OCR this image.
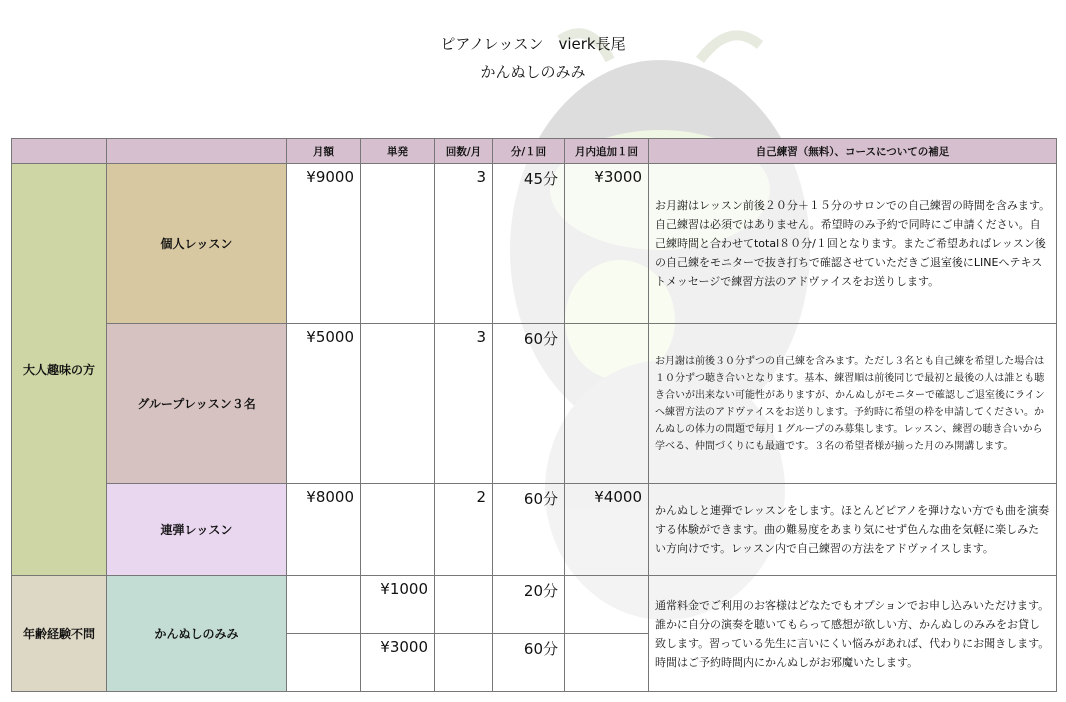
ピアノレッスン　vierk長尾
かんぬしのみみ
		月額	単発	回数/月	分/１回	月内追加１回	自己練習（無料）、コースについての補足
大人趣味の方	個人レッスン	¥9000		3	45分	¥3000	お月謝はレッスン前後２０分＋１５分のサロンでの自己練習の時間を含みます。自己練習は必須ではありません。希望時のみ予約で同時にご申請ください。自己練時間と合わせてtotal８０分/１回となります。またご希望あればレッスン後の自己練をモニターで抜き打ちで確認させていただきご退室後にLINEへテキストメッセージで練習方法のアドヴァイスをお送りします。
	グループレッスン３名	¥5000		3	60分		お月謝は前後３０分ずつの自己練を含みます。ただし３名とも自己練を希望した場合は１０分ずつ聴き合いとなります。基本、練習順は前後同じで最初と最後の人は誰とも聴き合いが出来ない可能性がありますが、かんぬしがモニターで確認しご退室後にラインへ練習方法のアドヴァイスをお送りします。予約時に希望の枠を申請してください。かんぬしの体力の問題で毎月１グループのみ募集します。レッスン、練習の聴き合いから学べる、仲間づくりにも最適です。３名の希望者様が揃った月のみ開講します。
	連弾レッスン	¥8000		2	60分	¥4000	かんぬしと連弾でレッスンをします。ほとんどピアノを弾けない方でも曲を演奏する体験ができます。曲の難易度をあまり気にせず色んな曲を気軽に楽しみたい方向けです。レッスン内で自己練習の方法をアドヴァイスします。
年齢経験不問	かんぬしのみみ		¥1000		20分		通常料金でご利用のお客様はどなたでもオプションでお申し込みいただけます。誰かに自分の演奏を聴いてもらって感想が欲しい方、かんぬしのみみをお貸し致します。習っている先生に言いにくい悩みがあれば、代わりにお聞きします。時間はご予約時間内にかんぬしがお邪魔いたします。
			¥3000		60分		
